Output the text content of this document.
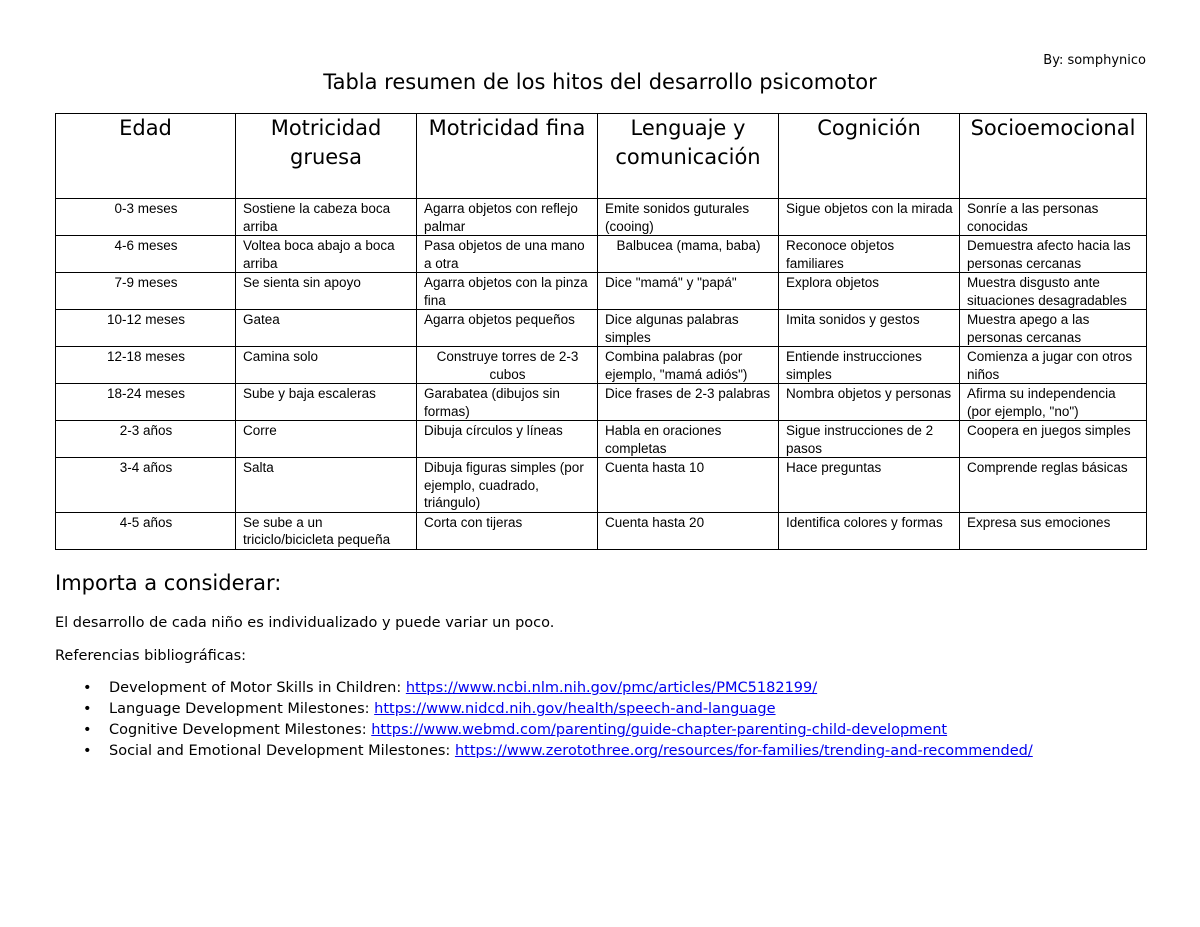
By: somphynico
Tabla resumen de los hitos del desarrollo psicomotor
Edad	Motricidad gruesa	Motricidad fina	Lenguaje y comunicación	Cognición	Socioemocional
0-3 meses	Sostiene la cabeza boca arriba	Agarra objetos con reflejo palmar	Emite sonidos guturales (cooing)	Sigue objetos con la mirada	Sonríe a las personas conocidas
4-6 meses	Voltea boca abajo a boca arriba	Pasa objetos de una mano a otra	Balbucea (mama, baba)	Reconoce objetos familiares	Demuestra afecto hacia las personas cercanas
7-9 meses	Se sienta sin apoyo	Agarra objetos con la pinza fina	Dice "mamá" y "papá"	Explora objetos	Muestra disgusto ante situaciones desagradables
10-12 meses	Gatea	Agarra objetos pequeños	Dice algunas palabras simples	Imita sonidos y gestos	Muestra apego a las personas cercanas
12-18 meses	Camina solo	Construye torres de 2-3 cubos	Combina palabras (por ejemplo, "mamá adiós")	Entiende instrucciones simples	Comienza a jugar con otros niños
18-24 meses	Sube y baja escaleras	Garabatea (dibujos sin formas)	Dice frases de 2-3 palabras	Nombra objetos y personas	Afirma su independencia (por ejemplo, "no")
2-3 años	Corre	Dibuja círculos y líneas	Habla en oraciones completas	Sigue instrucciones de 2 pasos	Coopera en juegos simples
3-4 años	Salta	Dibuja figuras simples (por ejemplo, cuadrado, triángulo)	Cuenta hasta 10	Hace preguntas	Comprende reglas básicas
4-5 años	Se sube a un triciclo/bicicleta pequeña	Corta con tijeras	Cuenta hasta 20	Identifica colores y formas	Expresa sus emociones
Importa a considerar:
El desarrollo de cada niño es individualizado y puede variar un poco.
Referencias bibliográficas:
• Development of Motor Skills in Children: https://www.ncbi.nlm.nih.gov/pmc/articles/PMC5182199/
• Language Development Milestones: https://www.nidcd.nih.gov/health/speech-and-language
• Cognitive Development Milestones: https://www.webmd.com/parenting/guide-chapter-parenting-child-development
• Social and Emotional Development Milestones: https://www.zerotothree.org/resources/for-families/trending-and-recommended/
